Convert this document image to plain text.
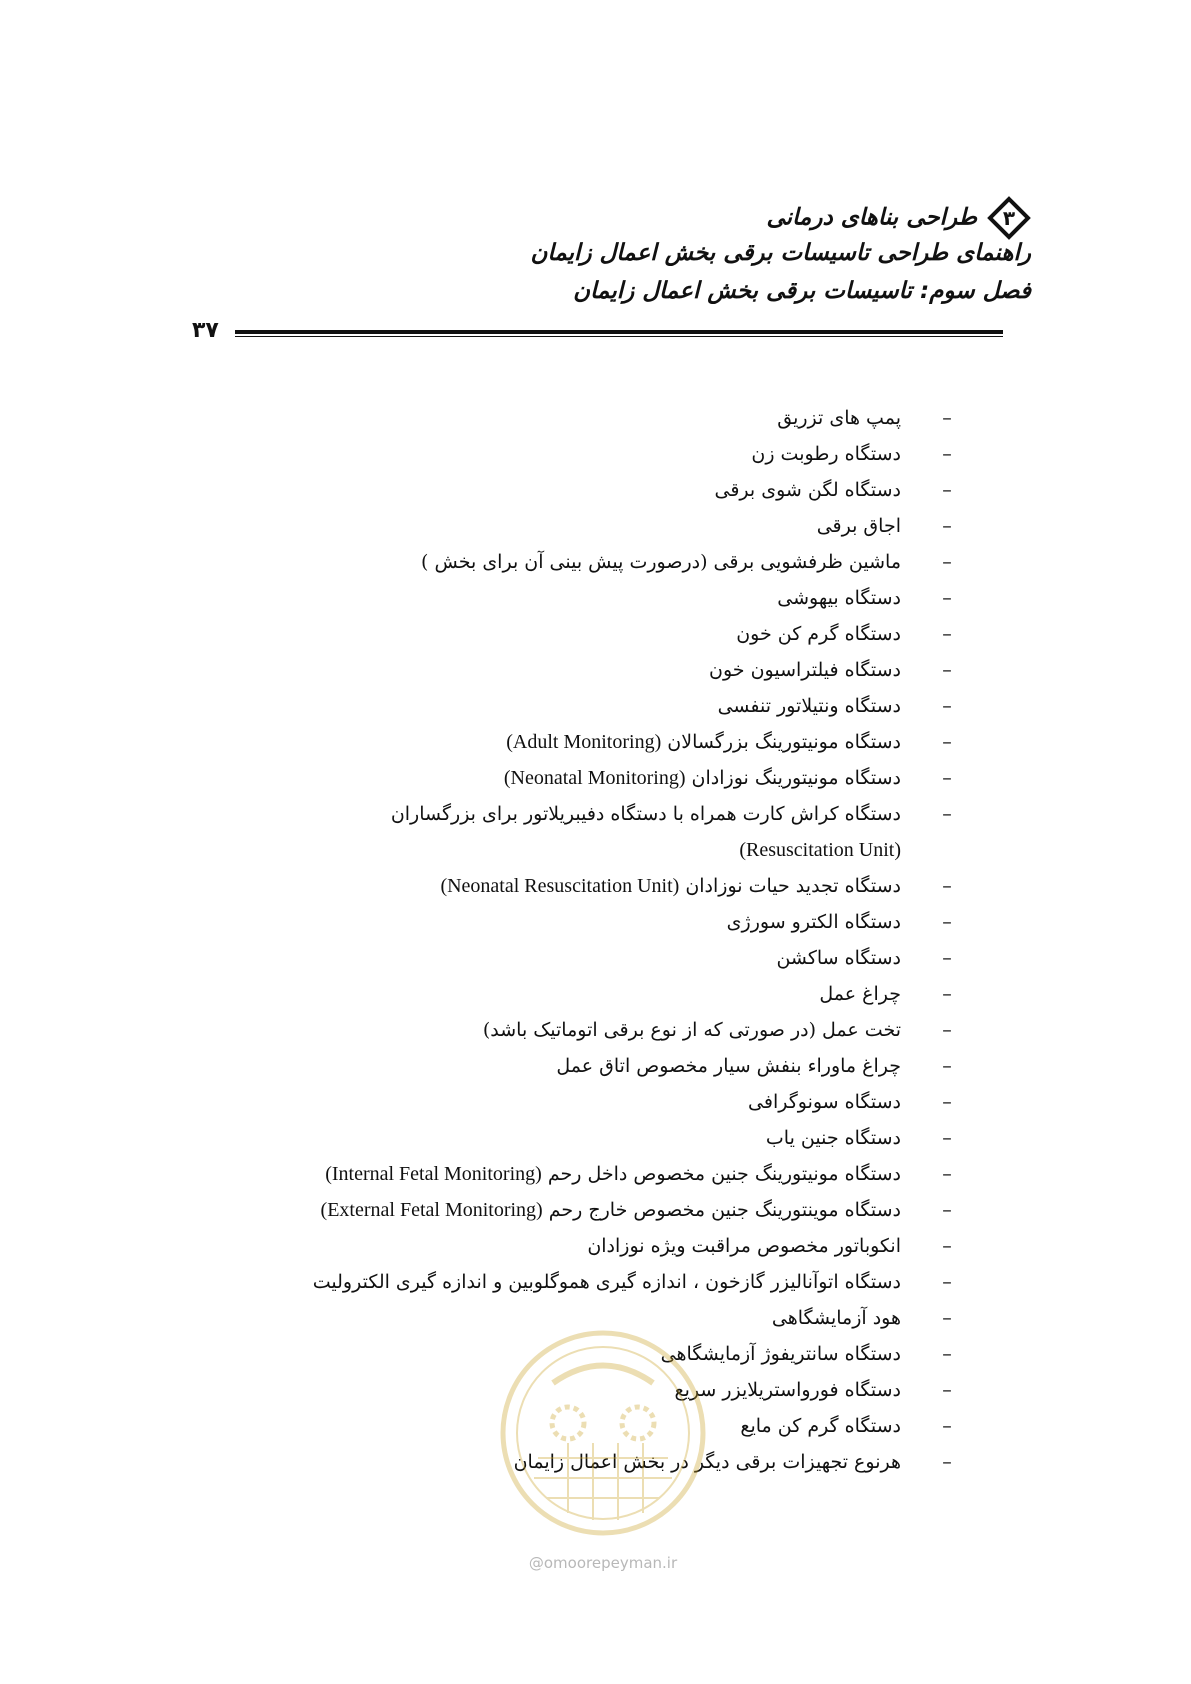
۳
طراحی بناهای درمانی
راهنمای طراحی تاسیسات برقی بخش اعمال زایمان
فصل سوم: تاسیسات برقی بخش اعمال زایمان
۳۷
–
پمپ های تزریق
–
دستگاه رطوبت زن
–
دستگاه لگن شوی برقی
–
اجاق برقی
–
ماشین ظرفشویی برقی (درصورت پیش بینی آن برای بخش )
–
دستگاه بیهوشی
–
دستگاه گرم کن خون
–
دستگاه فیلتراسیون خون
–
دستگاه ونتیلاتور تنفسی
–
دستگاه مونیتورینگ بزرگسالان (Adult Monitoring)
–
دستگاه مونیتورینگ نوزادان (Neonatal Monitoring)
–
دستگاه کراش کارت همراه با دستگاه دفیبریلاتور برای بزرگساران
(Resuscitation Unit)
–
دستگاه تجدید حیات نوزادان (Neonatal Resuscitation Unit)
–
دستگاه الکترو سورژی
–
دستگاه ساکشن
–
چراغ عمل
–
تخت عمل (در صورتی که از نوع برقی اتوماتیک باشد)
–
چراغ ماوراء بنفش سیار مخصوص اتاق عمل
–
دستگاه سونوگرافی
–
دستگاه جنین یاب
–
دستگاه مونیتورینگ جنین مخصوص داخل رحم (Internal Fetal Monitoring)
–
دستگاه موینتورینگ جنین مخصوص خارج رحم (External Fetal Monitoring)
–
انکوباتور مخصوص مراقبت ویژه نوزادان
–
دستگاه اتوآنالیزر گازخون ، اندازه گیری هموگلوبین و اندازه گیری الکترولیت
–
هود آزمایشگاهی
–
دستگاه سانتریفوژ آزمایشگاهی
–
دستگاه فورواستریلایزر سریع
–
دستگاه گرم کن مایع
–
هرنوع تجهیزات برقی دیگر در بخش اعمال زایمان
@omoorepeyman.ir
